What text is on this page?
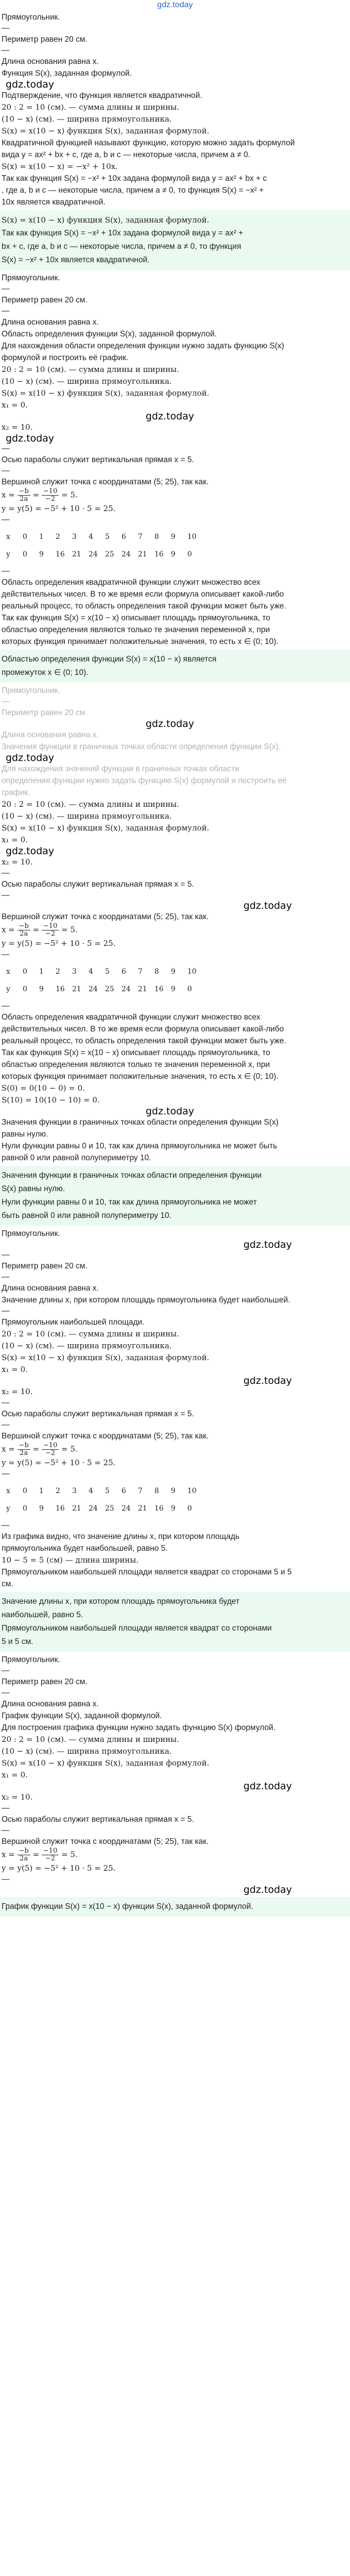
gdz.today

Прямоугольник.

—

Периметр равен 20 см.

—

Длина основания равна x.

Функция S(x), заданная формулой.

gdz.today

Подтверждение, что функция является квадратичной.

20 : 2 = 10 (см). — сумма длины и ширины.

(10 − x) (см). — ширина прямоугольника.

S(x) = x(10 − x) функция S(x), заданная формулой.

Квадратичной функцией называют функцию, которую можно задать формулой

вида y = ax² + bx + c, где a, b и c — некоторые числа, причем a ≠ 0.

S(x) = x(10 − x) = −x² + 10x.

Так как функция S(x) = −x² + 10x задана формулой вида y = ax² + bx + c

, где a, b и c — некоторые числа, причем a ≠ 0, то функция S(x) = −x² +

10x является квадратичной.

S(x) = x(10 − x) функция S(x), заданная формулой.

Так как функция S(x) = −x² + 10x задана формулой вида y = ax² +

bx + c, где a, b и c — некоторые числа, причем a ≠ 0, то функция

S(x) = −x² + 10x является квадратичной.

Прямоугольник.

—

Периметр равен 20 см.

—

Длина основания равна x.

Область определения функции S(x), заданной формулой.

Для нахождения области определения функции нужно задать функцию S(x)

формулой и построить её график.

20 : 2 = 10 (см). — сумма длины и ширины.

(10 − x) (см). — ширина прямоугольника.

S(x) = x(10 − x) функция S(x), заданная формулой.

x₁ = 0.

gdz.today

x₂ = 10.

gdz.today

—

Осью параболы служит вертикальная прямая x = 5.

—

Вершиной служит точка с координатами (5; 25), так как.

$x = \frac{-b}{2a} = \frac{-10}{-2} = 5$.

y = y(5) = −5² + 10 · 5 = 25.

—

x	0	1	2	3	4	5	6	7	8	9	10
y	0	9	16	21	24	25	24	21	16	9	0

—

Область определения квадратичной функции служит множество всех

действительных чисел. В то же время если формула описывает какой-либо

реальный процесс, то область определения такой функции может быть уже.

Так как функция S(x) = x(10 − x) описывает площадь прямоугольника, то

областью определения являются только те значения переменной x, при

которых функция принимает положительные значения, то есть x ∈ (0; 10).

Областью определения функции S(x) = x(10 − x) является

промежуток x ∈ (0; 10).

Прямоугольник.

—

Периметр равен 20 см.

gdz.today

Длина основания равна x.

Значения функции в граничных точках области определения функции S(x).

gdz.today

Для нахождения значений функции в граничных точках области

определения функции нужно задать функцию S(x) формулой и построить её

график.

20 : 2 = 10 (см). — сумма длины и ширины.

(10 − x) (см). — ширина прямоугольника.

S(x) = x(10 − x) функция S(x), заданная формулой.

x₁ = 0.

gdz.today

x₂ = 10.

—

Осью параболы служит вертикальная прямая x = 5.

—

gdz.today

Вершиной служит точка с координатами (5; 25), так как.

$x = \frac{-b}{2a} = \frac{-10}{-2} = 5$.

y = y(5) = −5² + 10 · 5 = 25.

—

x	0	1	2	3	4	5	6	7	8	9	10
y	0	9	16	21	24	25	24	21	16	9	0

—

Область определения квадратичной функции служит множество всех

действительных чисел. В то же время если формула описывает какой-либо

реальный процесс, то область определения такой функции может быть уже.

Так как функция S(x) = x(10 − x) описывает площадь прямоугольника, то

областью определения являются только те значения переменной x, при

которых функция принимает положительные значения, то есть x ∈ (0; 10).

S(0) = 0(10 − 0) = 0.

S(10) = 10(10 − 10) = 0.

gdz.today

Значения функции в граничных точках области определения функции S(x)

равны нулю.

Нули функции равны 0 и 10, так как длина прямоугольника не может быть

равной 0 или равной полупериметру 10.

Значения функции в граничных точках области определения функции

S(x) равны нулю.

Нули функции равны 0 и 10, так как длина прямоугольника не может

быть равной 0 или равной полупериметру 10.

Прямоугольник.

gdz.today

—

Периметр равен 20 см.

—

Длина основания равна x.

Значение длины x, при котором площадь прямоугольника будет наибольшей.

—

Прямоугольник наибольшей площади.

20 : 2 = 10 (см). — сумма длины и ширины.

(10 − x) (см). — ширина прямоугольника.

S(x) = x(10 − x) функция S(x), заданная формулой.

x₁ = 0.

gdz.today

x₂ = 10.

—

Осью параболы служит вертикальная прямая x = 5.

—

Вершиной служит точка с координатами (5; 25), так как.

$x = \frac{-b}{2a} = \frac{-10}{-2} = 5$.

y = y(5) = −5² + 10 · 5 = 25.

—

x	0	1	2	3	4	5	6	7	8	9	10
y	0	9	16	21	24	25	24	21	16	9	0

—

Из графика видно, что значение длины x, при котором площадь

прямоугольника будет наибольшей, равно 5.

10 − 5 = 5 (см) — длина ширины.

Прямоугольником наибольшей площади является квадрат со сторонами 5 и 5

см.

Значение длины x, при котором площадь прямоугольника будет

наибольшей, равно 5.

Прямоугольником наибольшей площади является квадрат со сторонами

5 и 5 см.

Прямоугольник.

—

Периметр равен 20 см.

—

Длина основания равна x.

График функции S(x), заданной формулой.

Для построения графика функции нужно задать функцию S(x) формулой.

20 : 2 = 10 (см). — сумма длины и ширины.

(10 − x) (см). — ширина прямоугольника.

S(x) = x(10 − x) функция S(x), заданная формулой.

x₁ = 0.

gdz.today

x₂ = 10.

—

Осью параболы служит вертикальная прямая x = 5.

—

Вершиной служит точка с координатами (5; 25), так как.

$x = \frac{-b}{2a} = \frac{-10}{-2} = 5$.

y = y(5) = −5² + 10 · 5 = 25.

—

gdz.today

График функции S(x) = x(10 − x) функции S(x), заданной формулой.
